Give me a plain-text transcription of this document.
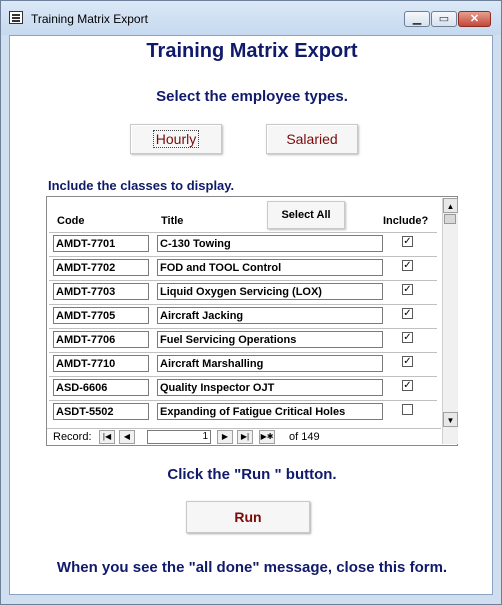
Training Matrix Export	▁	▭	✕
Training Matrix Export
Select the employee types.
Hourly	Salaried
Include the classes to display.
Code	Title	Select All	Include?
AMDT-7701	C-130 Towing	✓
AMDT-7702	FOD and TOOL Control	✓
AMDT-7703	Liquid Oxygen Servicing (LOX)	✓
AMDT-7705	Aircraft Jacking	✓
AMDT-7706	Fuel Servicing Operations	✓
AMDT-7710	Aircraft Marshalling	✓
ASD-6606	Quality Inspector OJT	✓
ASDT-5502	Expanding of Fatigue Critical Holes
▲
▼
Record:	|◀	◀	1	▶	▶|	▶✱ of 149
Click the "Run " button.
Run
When you see the "all done" message, close this form.
